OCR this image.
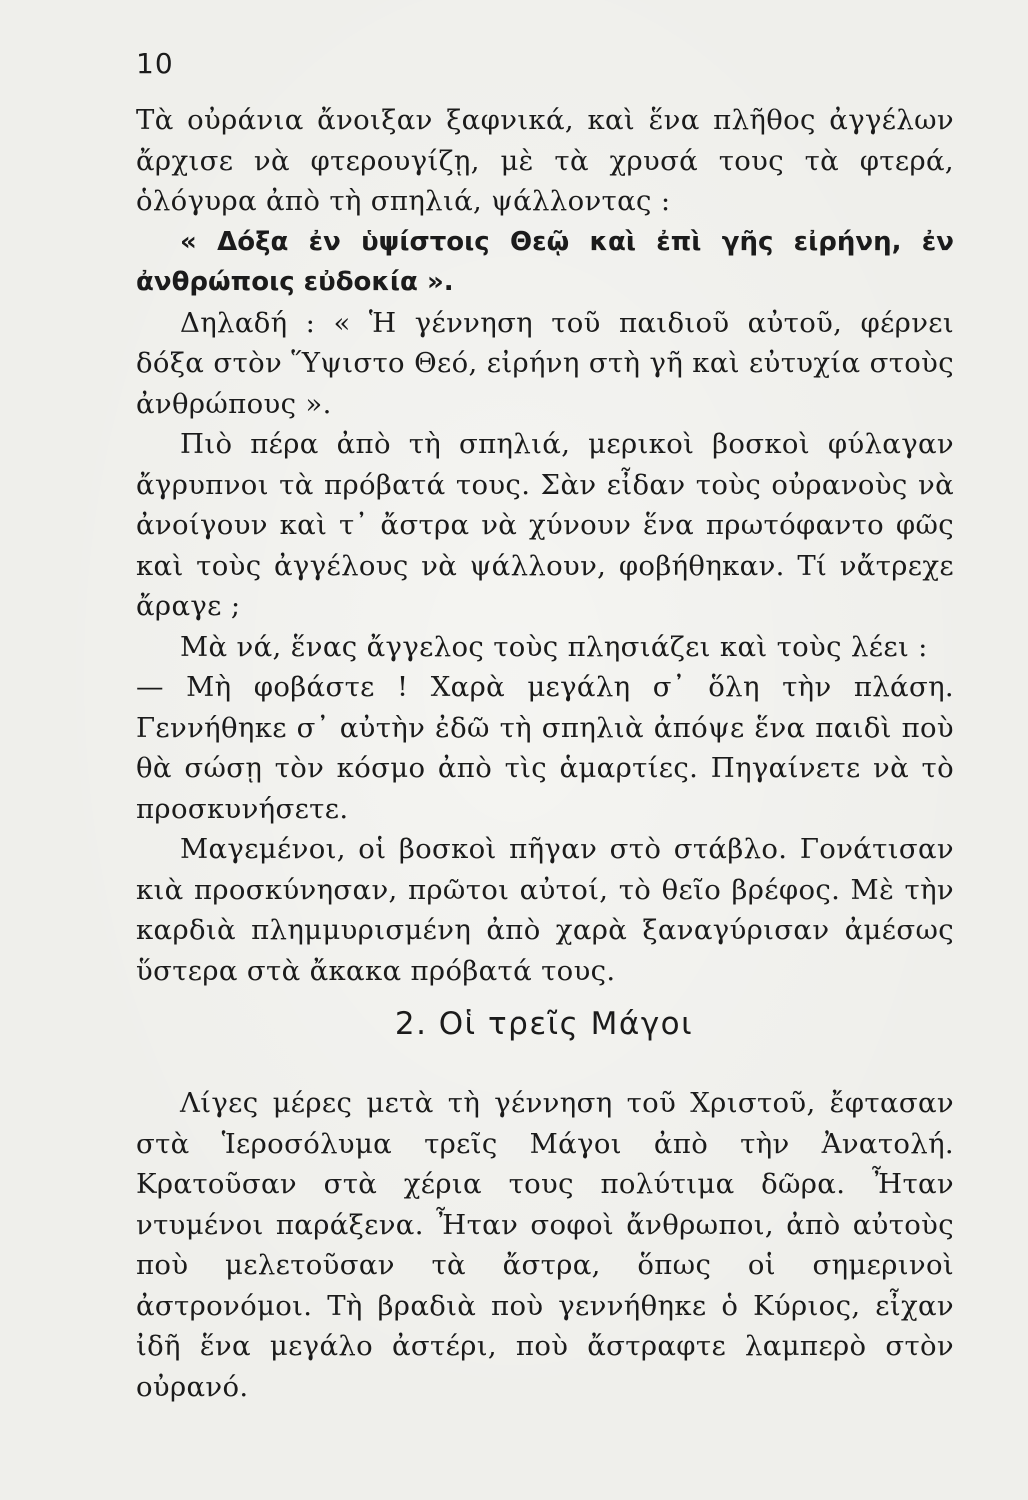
10

Τὰ οὐράνια ἄνοιξαν ξαφνικά, καὶ ἕνα πλῆθος ἀγγέλων ἄρχισε νὰ φτερουγίζῃ, μὲ τὰ χρυσά τους τὰ φτερά, ὁλόγυρα ἀπὸ τὴ σπηλιά, ψάλλοντας :

« Δόξα ἐν ὑψίστοις Θεῷ καὶ ἐπὶ γῆς εἰρήνη, ἐν ἀνθρώποις εὐδοκία ».

Δηλαδή : « Ἡ γέννηση τοῦ παιδιοῦ αὐτοῦ, φέρνει δόξα στὸν Ὕψιστο Θεό, εἰρήνη στὴ γῆ καὶ εὐτυχία στοὺς ἀνθρώπους ».

Πιὸ πέρα ἀπὸ τὴ σπηλιά, μερικοὶ βοσκοὶ φύλαγαν ἄγρυπνοι τὰ πρόβατά τους. Σὰν εἶδαν τοὺς οὐρανοὺς νὰ ἀνοίγουν καὶ τ᾽ ἄστρα νὰ χύνουν ἕνα πρωτόφαντο φῶς καὶ τοὺς ἀγγέλους νὰ ψάλλουν, φοβήθηκαν. Τί νἄτρεχε ἄραγε ;

Μὰ νά, ἕνας ἄγγελος τοὺς πλησιάζει καὶ τοὺς λέει :

— Μὴ φοβάστε ! Χαρὰ μεγάλη σ᾽ ὅλη τὴν πλάση. Γεννήθηκε σ᾽ αὐτὴν ἐδῶ τὴ σπηλιὰ ἀπόψε ἕνα παιδὶ ποὺ θὰ σώσῃ τὸν κόσμο ἀπὸ τὶς ἁμαρτίες. Πηγαίνετε νὰ τὸ προσκυνήσετε.

Μαγεμένοι, οἱ βοσκοὶ πῆγαν στὸ στάβλο. Γονάτισαν κιὰ προσκύνησαν, πρῶτοι αὐτοί, τὸ θεῖο βρέφος. Μὲ τὴν καρδιὰ πλημμυρισμένη ἀπὸ χαρὰ ξαναγύρισαν ἀμέσως ὕστερα στὰ ἄκακα πρόβατά τους.

2. Οἱ τρεῖς Μάγοι

Λίγες μέρες μετὰ τὴ γέννηση τοῦ Χριστοῦ, ἔφτασαν στὰ Ἱεροσόλυμα τρεῖς Μάγοι ἀπὸ τὴν Ἀνατολή. Κρατοῦσαν στὰ χέρια τους πολύτιμα δῶρα. Ἦταν ντυμένοι παράξενα. Ἦταν σοφοὶ ἄνθρωποι, ἀπὸ αὐτοὺς ποὺ μελετοῦσαν τὰ ἄστρα, ὅπως οἱ σημερινοὶ ἀστρονόμοι. Τὴ βραδιὰ ποὺ γεννήθηκε ὁ Κύριος, εἶχαν ἰδῆ ἕνα μεγάλο ἀστέρι, ποὺ ἄστραφτε λαμπερὸ στὸν οὐρανό.
